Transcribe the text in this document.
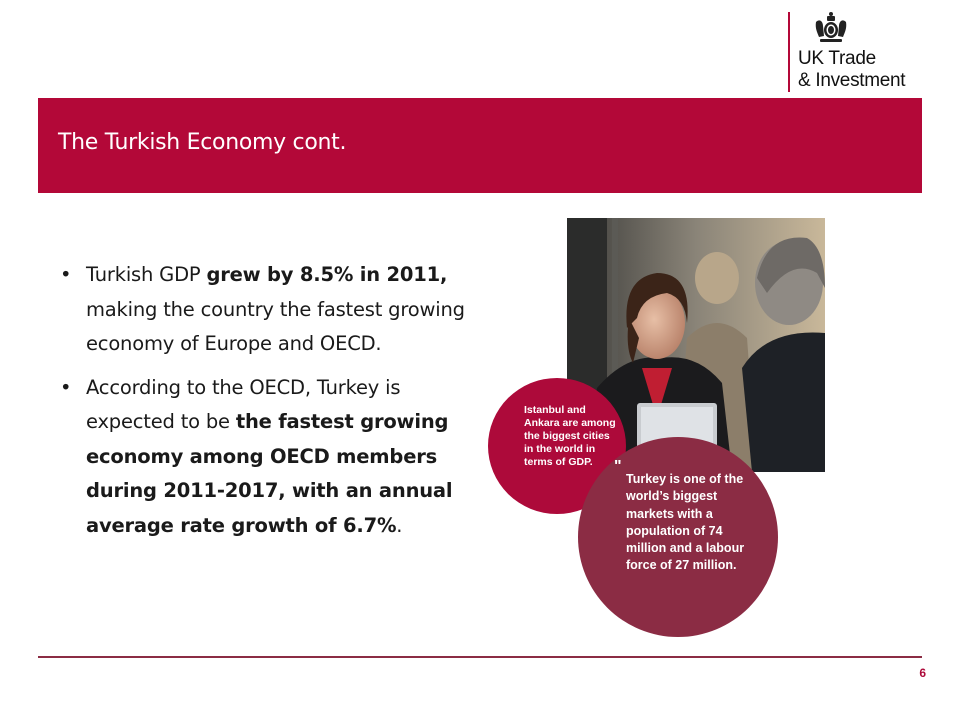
UK Trade
& Investment

The Turkish Economy cont.
• Turkish GDP grew by 8.5% in 2011, making the country the fastest growing economy of Europe and OECD.
• According to the OECD, Turkey is expected to be the fastest growing economy among OECD members during 2011-2017, with an annual average rate growth of 6.7%.
Istanbul and Ankara are among the biggest cities in the world in terms of GDP.
Turkey is one of the world’s biggest markets with a population of 74 million and a labour force of 27 million.
"
6
